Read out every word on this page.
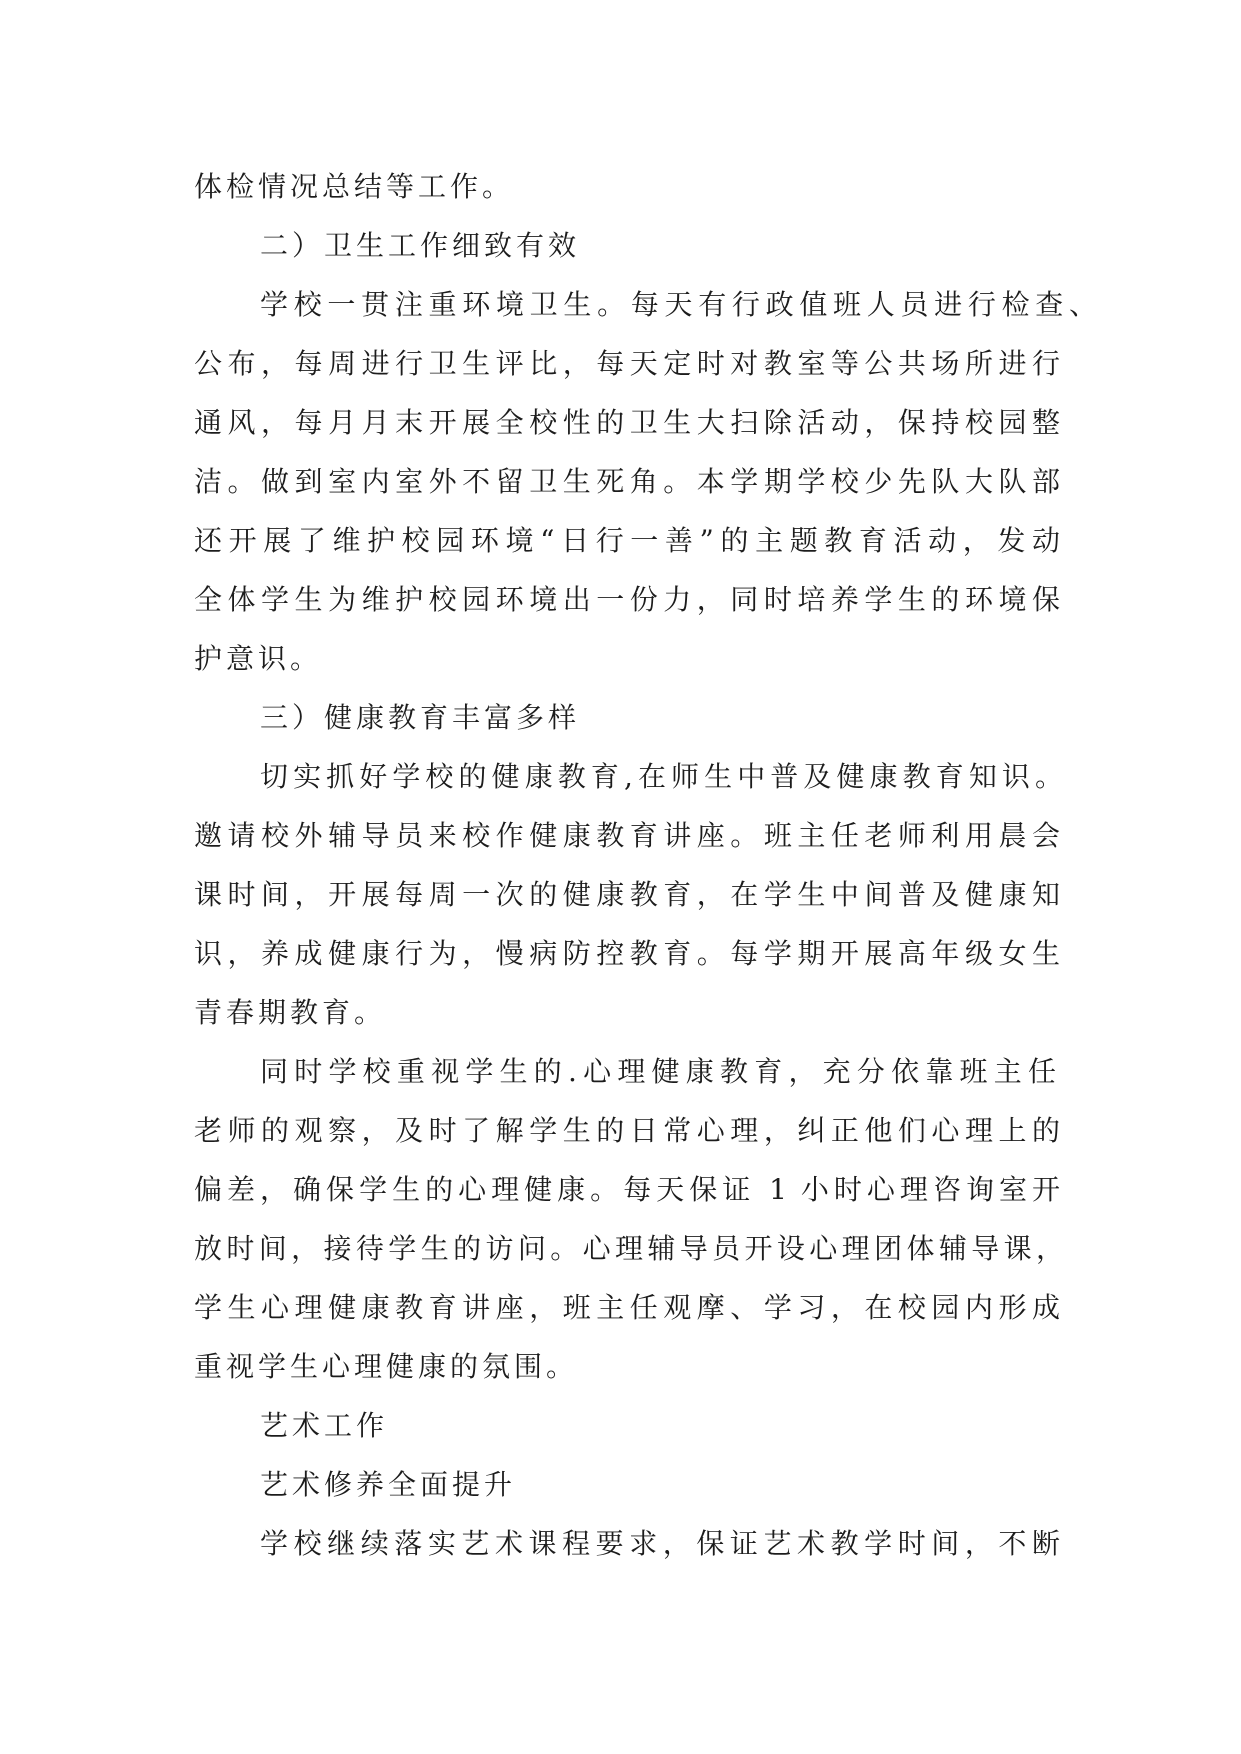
体检情况总结等工作。
二）卫生工作细致有效
学校一贯注重环境卫生。每天有行政值班人员进行检查、
公布，每周进行卫生评比，每天定时对教室等公共场所进行
通风，每月月末开展全校性的卫生大扫除活动，保持校园整
洁。做到室内室外不留卫生死角。本学期学校少先队大队部
还开展了维护校园环境“日行一善”的主题教育活动，发动
全体学生为维护校园环境出一份力，同时培养学生的环境保
护意识。
三）健康教育丰富多样
切实抓好学校的健康教育,在师生中普及健康教育知识。
邀请校外辅导员来校作健康教育讲座。班主任老师利用晨会
课时间，开展每周一次的健康教育，在学生中间普及健康知
识，养成健康行为，慢病防控教育。每学期开展高年级女生
青春期教育。
同时学校重视学生的.心理健康教育，充分依靠班主任
老师的观察，及时了解学生的日常心理，纠正他们心理上的
偏差，确保学生的心理健康。每天保证 1 小时心理咨询室开
放时间，接待学生的访问。心理辅导员开设心理团体辅导课，
学生心理健康教育讲座，班主任观摩、学习，在校园内形成
重视学生心理健康的氛围。
艺术工作
艺术修养全面提升
学校继续落实艺术课程要求，保证艺术教学时间，不断
